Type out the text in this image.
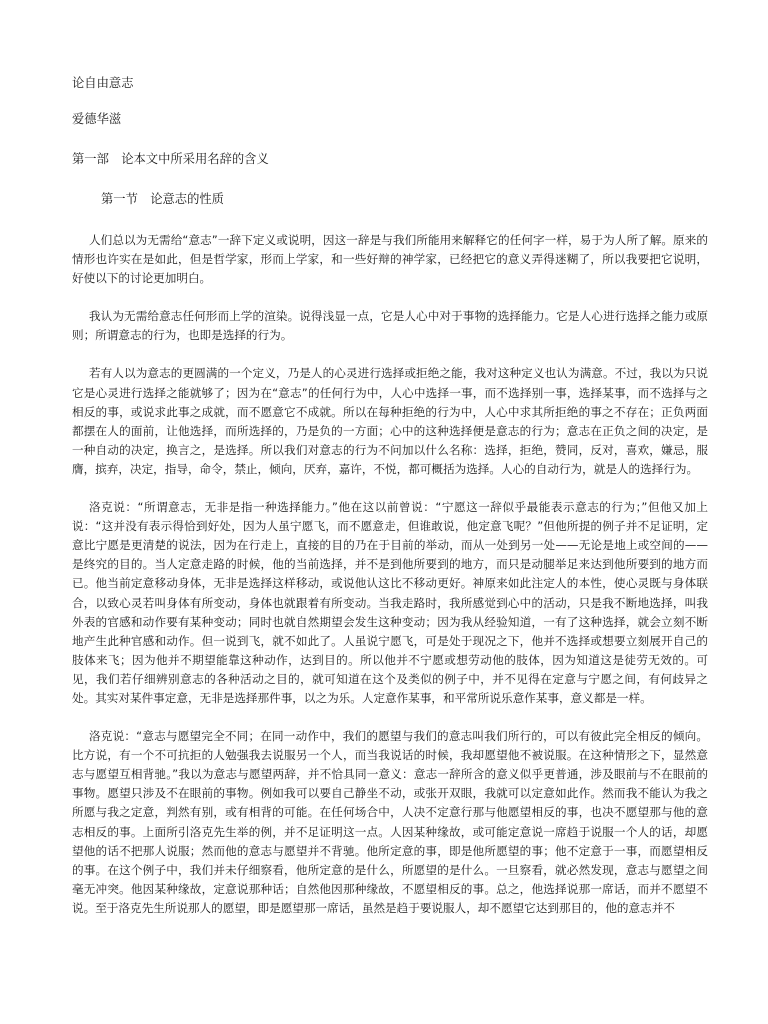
论自由意志

爱德华滋

第一部　论本文中所采用名辞的含义

第一节　论意志的性质

人们总以为无需给“意志”一辞下定义或说明，因这一辞是与我们所能用来解释它的任何字一样，易于为人所了解。原来的情形也许实在是如此，但是哲学家，形而上学家，和一些好辩的神学家，已经把它的意义弄得迷糊了，所以我要把它说明，好使以下的讨论更加明白。

我认为无需给意志任何形而上学的渲染。说得浅显一点，它是人心中对于事物的选择能力。它是人心进行选择之能力或原则；所谓意志的行为，也即是选择的行为。

若有人以为意志的更圆满的一个定义，乃是人的心灵进行选择或拒绝之能，我对这种定义也认为满意。不过，我以为只说它是心灵进行选择之能就够了；因为在“意志”的任何行为中，人心中选择一事，而不选择别一事，选择某事，而不选择与之相反的事，或说求此事之成就，而不愿意它不成就。所以在每种拒绝的行为中，人心中求其所拒绝的事之不存在；正负两面都摆在人的面前，让他选择，而所选择的，乃是负的一方面；心中的这种选择便是意志的行为；意志在正负之间的决定，是一种自动的决定，换言之，是选择。所以我们对意志的行为不问加以什么名称：选择，拒绝，赞同，反对，喜欢，嫌忌，服膺，摈弃，决定，指导，命令，禁止，倾向，厌弃，嘉许，不悦，都可概括为选择。人心的自动行为，就是人的选择行为。

洛克说：“所谓意志，无非是指一种选择能力。”他在这以前曾说：“宁愿这一辞似乎最能表示意志的行为；”但他又加上说：“这并没有表示得恰到好处，因为人虽宁愿飞，而不愿意走，但谁敢说，他定意飞呢？”但他所提的例子并不足证明，定意比宁愿是更清楚的说法，因为在行走上，直接的目的乃在于目前的举动，而从一处到另一处——无论是地上或空间的——是终究的目的。当人定意走路的时候，他的当前选择，并不是到他所要到的地方，而只是动腿举足来达到他所要到的地方而已。他当前定意移动身体，无非是选择这样移动，或说他认这比不移动更好。神原来如此注定人的本性，使心灵既与身体联合，以致心灵若叫身体有所变动，身体也就跟着有所变动。当我走路时，我所感觉到心中的活动，只是我不断地选择，叫我外表的官感和动作要有某种变动；同时也就自然期望会发生这种变动；因为我从经验知道，一有了这种选择，就会立刻不断地产生此种官感和动作。但一说到飞，就不如此了。人虽说宁愿飞，可是处于现况之下，他并不选择或想要立刻展开自己的肢体来飞；因为他并不期望能靠这种动作，达到目的。所以他并不宁愿或想劳动他的肢体，因为知道这是徒劳无效的。可见，我们若仔细辨别意志的各种活动之目的，就可知道在这个及类似的例子中，并不见得在定意与宁愿之间，有何歧异之处。其实对某件事定意，无非是选择那件事，以之为乐。人定意作某事，和平常所说乐意作某事，意义都是一样。

洛克说：“意志与愿望完全不同；在同一动作中，我们的愿望与我们的意志叫我们所行的，可以有彼此完全相反的倾向。比方说，有一个不可抗拒的人勉强我去说服另一个人，而当我说话的时候，我却愿望他不被说服。在这种情形之下，显然意志与愿望互相背驰。”我以为意志与愿望两辞，并不恰具同一意义：意志一辞所含的意义似乎更普通，涉及眼前与不在眼前的事物。愿望只涉及不在眼前的事物。例如我可以要自己静坐不动，或张开双眼，我就可以定意如此作。然而我不能认为我之所愿与我之定意，判然有别，或有相背的可能。在任何场合中，人决不定意行那与他愿望相反的事，也决不愿望那与他的意志相反的事。上面所引洛克先生举的例，并不足证明这一点。人因某种缘故，或可能定意说一席趋于说服一个人的话，却愿望他的话不把那人说服；然而他的意志与愿望并不背驰。他所定意的事，即是他所愿望的事；他不定意于一事，而愿望相反的事。在这个例子中，我们并未仔细察看，他所定意的是什么，所愿望的是什么。一旦察看，就必然发现，意志与愿望之间毫无冲突。他因某种缘故，定意说那种话；自然他因那种缘故，不愿望相反的事。总之，他选择说那一席话，而并不愿望不说。至于洛克先生所说那人的愿望，即是愿望那一席话，虽然是趋于要说服人，却不愿望它达到那目的，他的意志并不
